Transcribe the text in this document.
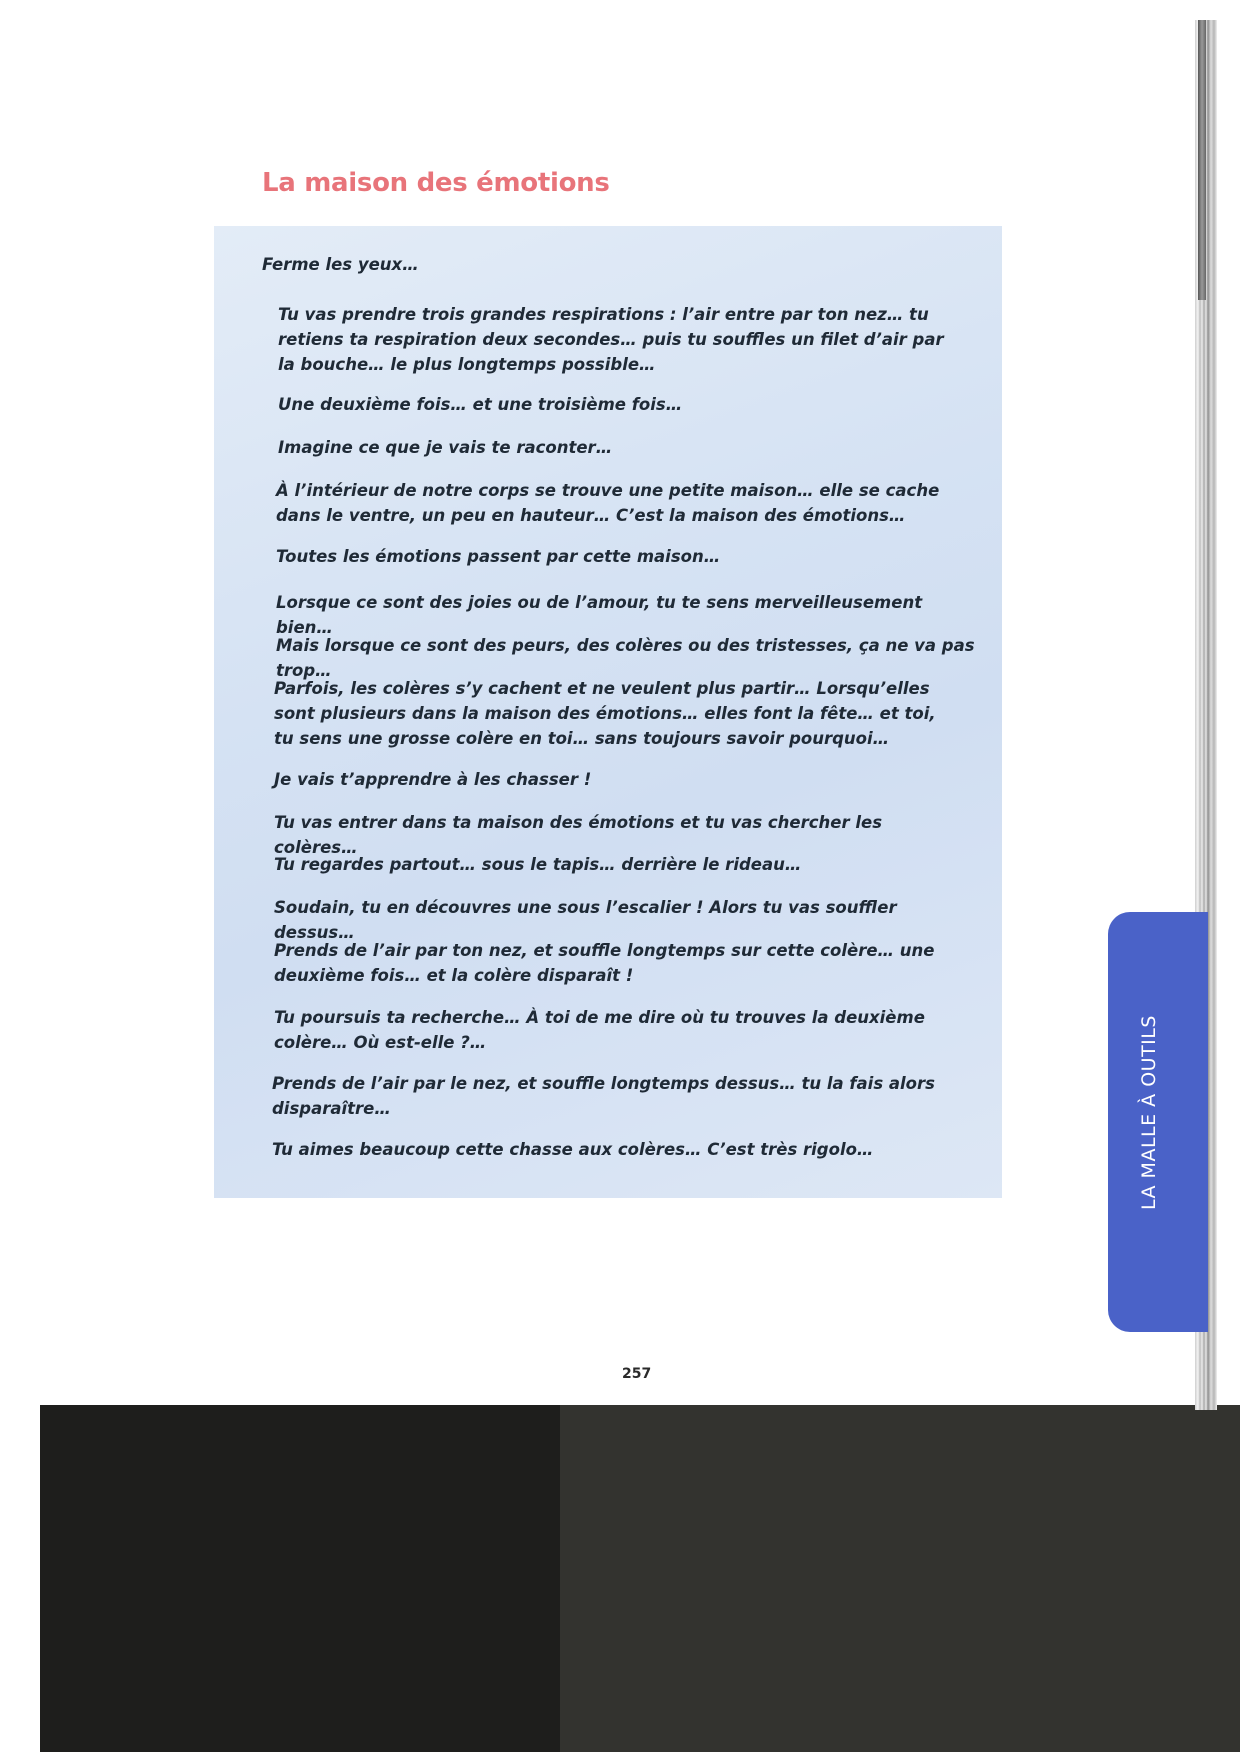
La maison des émotions

Ferme les yeux…

Tu vas prendre trois grandes respirations : l’air entre par ton nez… tu retiens ta respiration deux secondes… puis tu souffles un filet d’air par la bouche… le plus longtemps possible…

Une deuxième fois… et une troisième fois…

Imagine ce que je vais te raconter…

À l’intérieur de notre corps se trouve une petite maison… elle se cache dans le ventre, un peu en hauteur… C’est la maison des émotions…

Toutes les émotions passent par cette maison…

Lorsque ce sont des joies ou de l’amour, tu te sens merveilleusement bien…

Mais lorsque ce sont des peurs, des colères ou des tristesses, ça ne va pas trop…

Parfois, les colères s’y cachent et ne veulent plus partir… Lorsqu’elles sont plusieurs dans la maison des émotions… elles font la fête… et toi, tu sens une grosse colère en toi… sans toujours savoir pourquoi…

Je vais t’apprendre à les chasser !

Tu vas entrer dans ta maison des émotions et tu vas chercher les colères…

Tu regardes partout… sous le tapis… derrière le rideau…

Soudain, tu en découvres une sous l’escalier ! Alors tu vas souffler dessus…

Prends de l’air par ton nez, et souffle longtemps sur cette colère… une deuxième fois… et la colère disparaît !

Tu poursuis ta recherche… À toi de me dire où tu trouves la deuxième colère… Où est-elle ?…

Prends de l’air par le nez, et souffle longtemps dessus… tu la fais alors disparaître…

Tu aimes beaucoup cette chasse aux colères… C’est très rigolo…	LA MALLE À OUTILS
257
